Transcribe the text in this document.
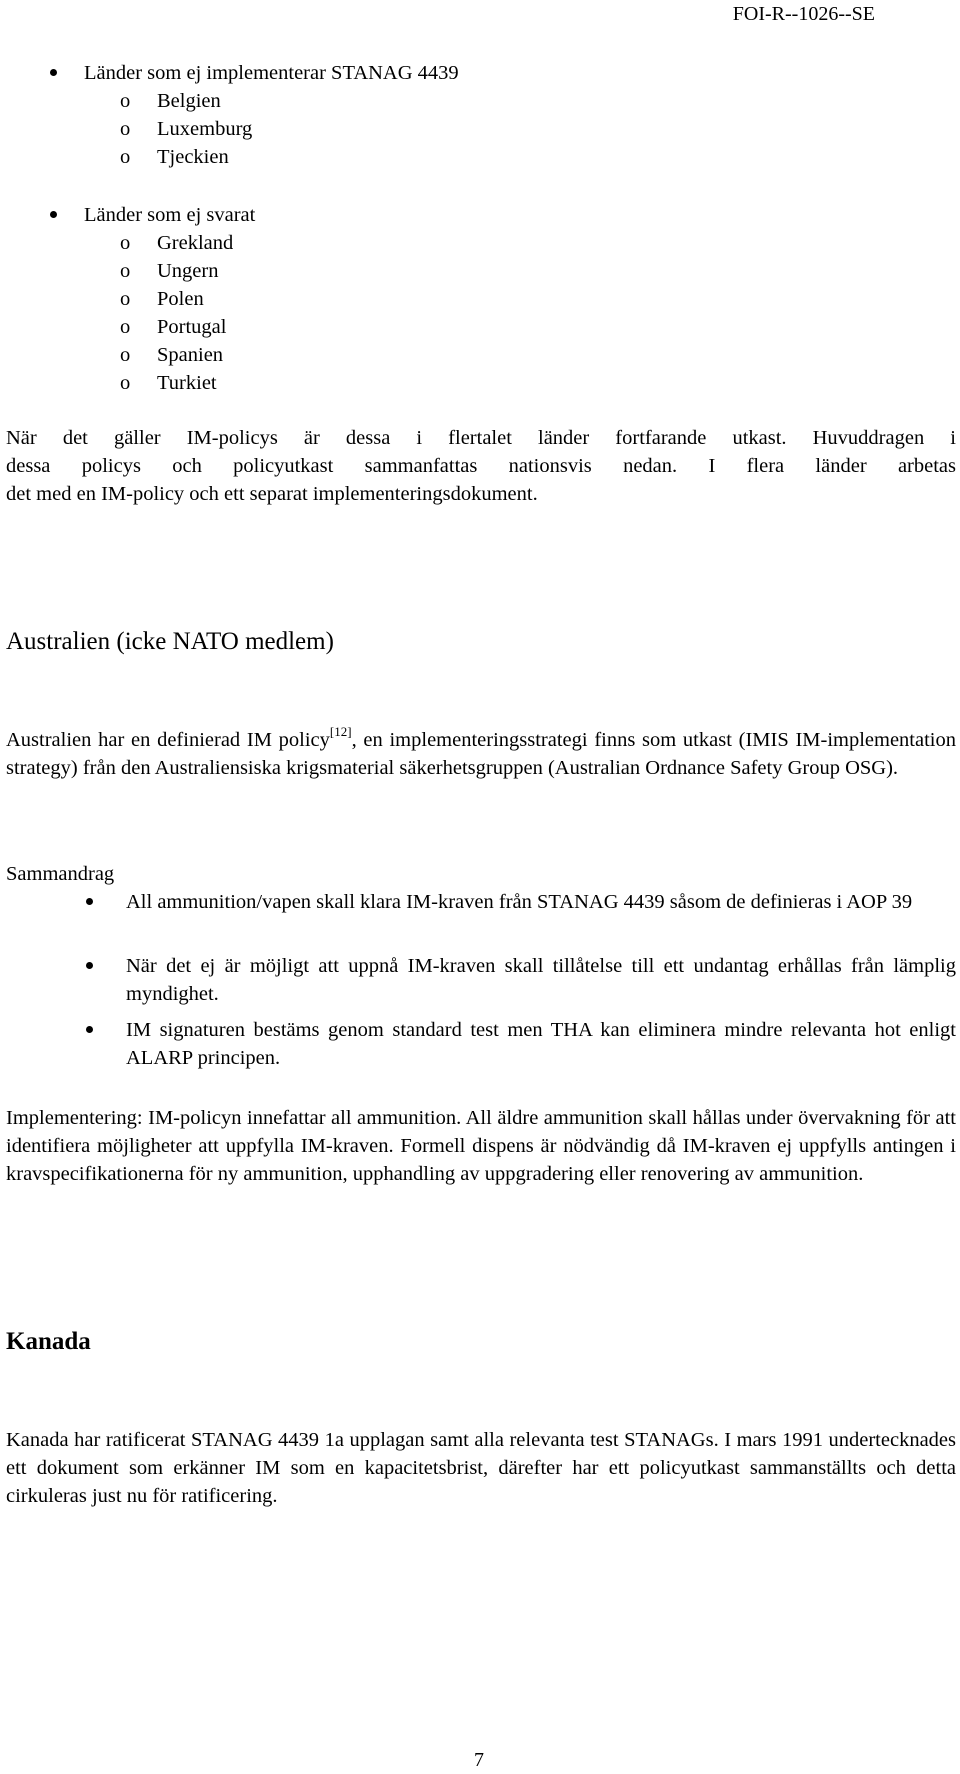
FOI-R--1026--SE
Länder som ej implementerar STANAG 4439
o Belgien
o Luxemburg
o Tjeckien
Länder som ej svarat
o Grekland
o Ungern
o Polen
o Portugal
o Spanien
o Turkiet

När det gäller IM-policys är dessa i flertalet länder fortfarande utkast. Huvuddragen i

dessa policys och policyutkast sammanfattas nationsvis nedan. I flera länder arbetas

det med en IM-policy och ett separat implementeringsdokument.

Australien (icke NATO medlem)

Australien har en definierad IM policy[12], en implementeringsstrategi finns som utkast (IMIS IM-implementation strategy) från den Australiensiska krigsmaterial säkerhetsgruppen (Australian Ordnance Safety Group OSG).

Sammandrag
All ammunition/vapen skall klara IM-kraven från STANAG 4439 såsom de definieras i AOP 39
När det ej är möjligt att uppnå IM-kraven skall tillåtelse till ett undantag erhållas från lämplig myndighet.
IM signaturen bestäms genom standard test men THA kan eliminera mindre relevanta hot enligt ALARP principen.
Implementering: IM-policyn innefattar all ammunition. All äldre ammunition skall hållas under övervakning för att identifiera möjligheter att uppfylla IM-kraven. Formell dispens är nödvändig då IM-kraven ej uppfylls antingen i kravspecifikationerna för ny ammunition, upphandling av uppgradering eller renovering av ammunition.
Kanada
Kanada har ratificerat STANAG 4439 1a upplagan samt alla relevanta test STANAGs. I mars 1991 undertecknades ett dokument som erkänner IM som en kapacitetsbrist, därefter har ett policyutkast sammanställts och detta cirkuleras just nu för ratificering.
7
